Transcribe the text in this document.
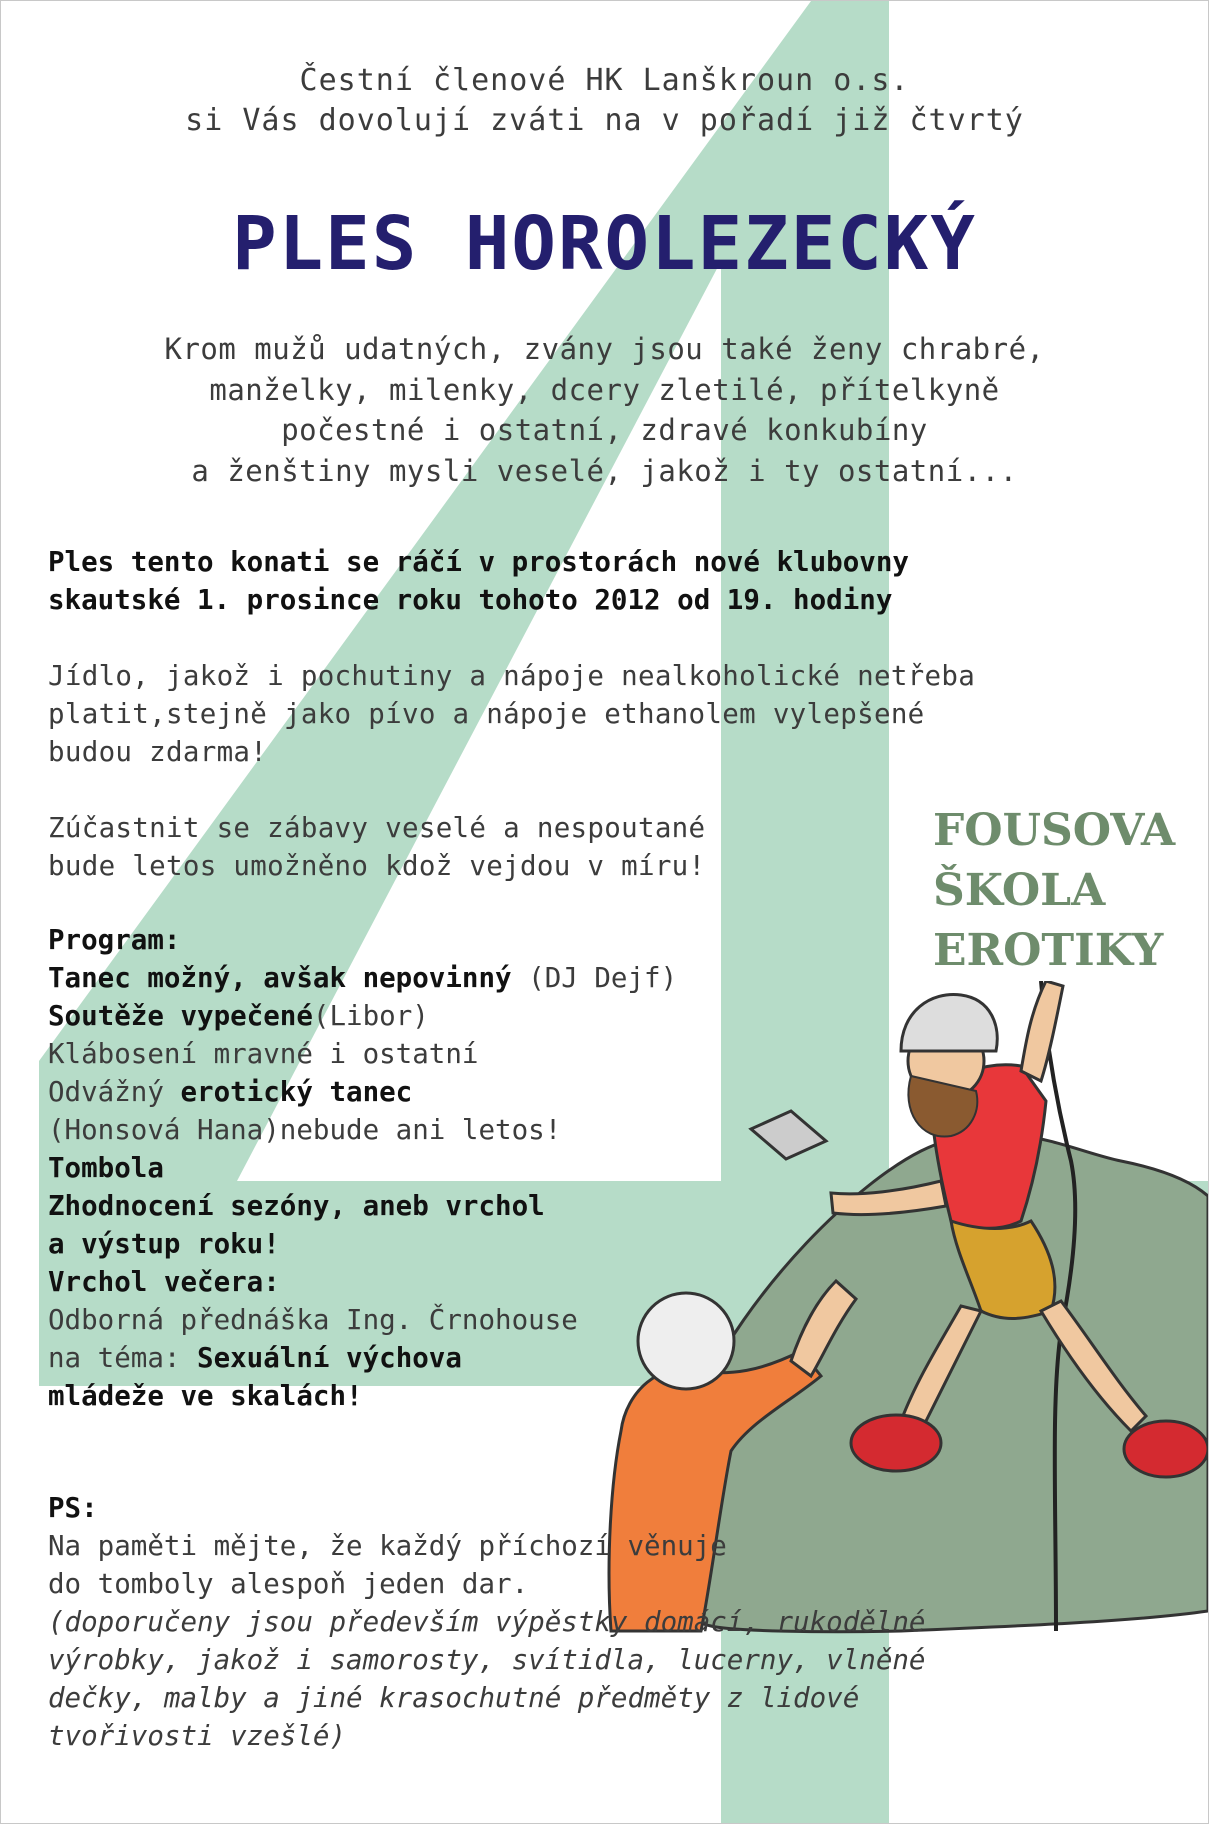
Čestní členové HK Lanškroun o.s.
si Vás dovolují zváti na v pořadí již čtvrtý
PLES HOROLEZECKÝ
Krom mužů udatných, zvány jsou také ženy chrabré,
manželky, milenky, dcery zletilé, přítelkyně
počestné i ostatní, zdravé konkubíny
a ženštiny mysli veselé, jakož i ty ostatní...
Ples tento konati se ráčí v prostorách nové klubovny
skautské 1. prosince roku tohoto 2012 od 19. hodiny
Jídlo, jakož i pochutiny a nápoje nealkoholické netřeba
platit,stejně jako pívo a nápoje ethanolem vylepšené
budou zdarma!
Zúčastnit se zábavy veselé a nespoutané
bude letos umožněno kdož vejdou v míru!
Program:
Tanec možný, avšak nepovinný (DJ Dejf)
Soutěže vypečené(Libor)
Klábosení mravné i ostatní
Odvážný erotický tanec
(Honsová Hana)nebude ani letos!
Tombola
Zhodnocení sezóny, aneb vrchol
a výstup roku!
Vrchol večera:
Odborná přednáška Ing. Črnohouse
na téma: Sexuální výchova
mládeže ve skalách!
FOUSOVA
ŠKOLA
EROTIKY
PS:
Na paměti mějte, že každý příchozí věnuje
do tomboly alespoň jeden dar.
(doporučeny jsou především výpěstky domácí, rukodělné
výrobky, jakož i samorosty, svítidla, lucerny, vlněné
dečky, malby a jiné krasochutné předměty z lidové
tvořivosti vzešlé)
